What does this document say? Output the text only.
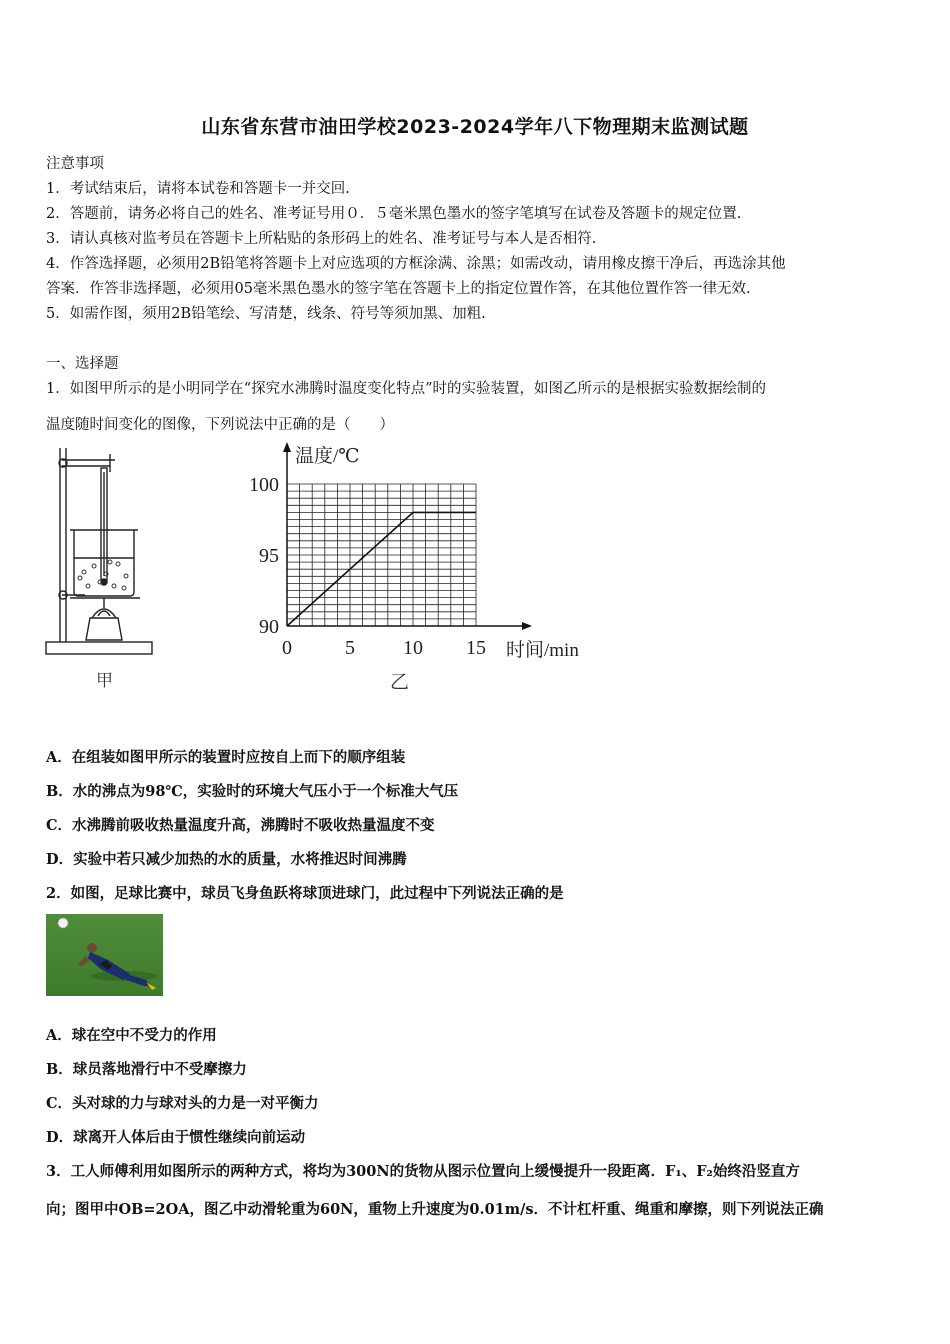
山东省东营市油田学校2023-2024学年八下物理期末监测试题
注意事项
1．考试结束后，请将本试卷和答题卡一并交回.
2．答题前，请务必将自己的姓名、准考证号用０．５毫米黑色墨水的签字笔填写在试卷及答题卡的规定位置.
3．请认真核对监考员在答题卡上所粘贴的条形码上的姓名、准考证号与本人是否相符.
4．作答选择题，必须用2B铅笔将答题卡上对应选项的方框涂满、涂黑；如需改动，请用橡皮擦干净后，再选涂其他
答案．作答非选择题，必须用05毫米黑色墨水的签字笔在答题卡上的指定位置作答，在其他位置作答一律无效.
5．如需作图，须用2B铅笔绘、写清楚，线条、符号等须加黑、加粗.
一、选择题
1．如图甲所示的是小明同学在“探究水沸腾时温度变化特点”时的实验装置，如图乙所示的是根据实验数据绘制的
温度随时间变化的图像，下列说法中正确的是（　　）
甲
0	5 10 15
90
95
100
温度/℃
时间/min
乙
A．在组装如图甲所示的装置时应按自上而下的顺序组装
B．水的沸点为98℃，实验时的环境大气压小于一个标准大气压
C．水沸腾前吸收热量温度升高，沸腾时不吸收热量温度不变
D．实验中若只减少加热的水的质量，水将推迟时间沸腾
2．如图，足球比赛中，球员飞身鱼跃将球顶进球门，此过程中下列说法正确的是
A．球在空中不受力的作用
B．球员落地滑行中不受摩擦力
C．头对球的力与球对头的力是一对平衡力
D．球离开人体后由于惯性继续向前运动
3．工人师傅利用如图所示的两种方式，将均为300N的货物从图示位置向上缓慢提升一段距离．F₁、F₂始终沿竖直方
向；图甲中OB=2OA，图乙中动滑轮重为60N，重物上升速度为0.01m/s．不计杠杆重、绳重和摩擦，则下列说法正确
